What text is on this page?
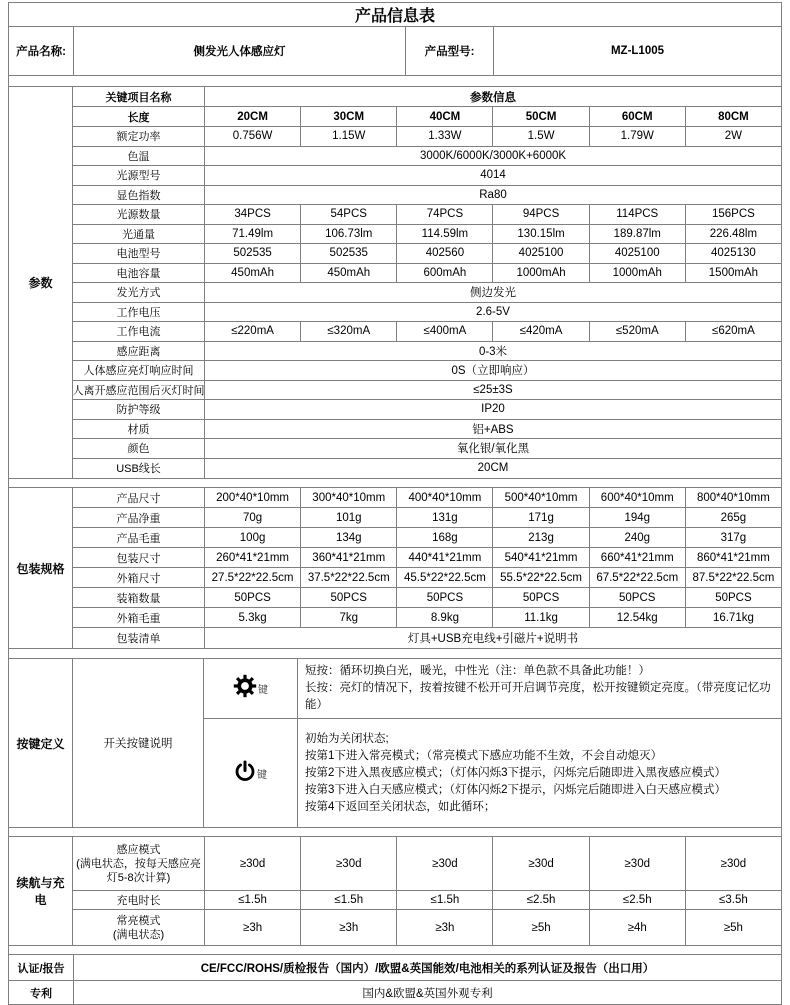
产品信息表
产品名称:	侧发光人体感应灯	产品型号:	MZ-L1005
参数
关键项目名称	参数信息
长度	20CM	30CM	40CM	50CM	60CM	80CM
额定功率	0.756W	1.15W	1.33W	1.5W	1.79W	2W
色温	3000K/6000K/3000K+6000K
光源型号	4014
显色指数	Ra80
光源数量	34PCS	54PCS	74PCS	94PCS	114PCS	156PCS
光通量	71.49lm	106.73lm	114.59lm	130.15lm	189.87lm	226.48lm
电池型号	502535	502535	402560	4025100	4025100	4025130
电池容量	450mAh	450mAh	600mAh	1000mAh	1000mAh	1500mAh
发光方式	侧边发光
工作电压	2.6-5V
工作电流	≤220mA	≤320mA	≤400mA	≤420mA	≤520mA	≤620mA
感应距离	0-3米
人体感应亮灯响应时间	0S（立即响应）
人离开感应范围后灭灯时间	≤25±3S
防护等级	IP20
材质	铝+ABS
颜色	氧化银/氧化黑
USB线长	20CM
包装规格
产品尺寸	200*40*10mm	300*40*10mm	400*40*10mm	500*40*10mm	600*40*10mm	800*40*10mm
产品净重	70g	101g	131g	171g	194g	265g
产品毛重	100g	134g	168g	213g	240g	317g
包装尺寸	260*41*21mm	360*41*21mm	440*41*21mm	540*41*21mm	660*41*21mm	860*41*21mm
外箱尺寸	27.5*22*22.5cm	37.5*22*22.5cm	45.5*22*22.5cm	55.5*22*22.5cm	67.5*22*22.5cm	87.5*22*22.5cm
装箱数量	50PCS	50PCS	50PCS	50PCS	50PCS	50PCS
外箱毛重	5.3kg	7kg	8.9kg	11.1kg	12.54kg	16.71kg
包装清单	灯具+USB充电线+引磁片+说明书
按键定义	开关按键说明
键
短按：循环切换白光，暖光，中性光（注：单色款不具备此功能！）
长按：亮灯的情况下，按着按键不松开可开启调节亮度，松开按键锁定亮度。（带亮度记忆功能）
键
初始为关闭状态;
按第1下进入常亮模式；（常亮模式下感应功能不生效，不会自动熄灭）
按第2下进入黑夜感应模式；（灯体闪烁3下提示，闪烁完后随即进入黑夜感应模式）
按第3下进入白天感应模式；（灯体闪烁2下提示，闪烁完后随即进入白天感应模式）
按第4下返回至关闭状态，如此循环；
续航与充电
感应模式
(满电状态，按每天感应亮灯5-8次计算)
≥30d	≥30d	≥30d	≥30d	≥30d	≥30d
充电时长	≤1.5h	≤1.5h	≤1.5h	≤2.5h	≤2.5h	≤3.5h
常亮模式
(满电状态)
≥3h	≥3h	≥3h	≥5h	≥4h	≥5h
认证/报告	CE/FCC/ROHS/质检报告（国内）/欧盟&英国能效/电池相关的系列认证及报告（出口用）
专利	国内&欧盟&英国外观专利
